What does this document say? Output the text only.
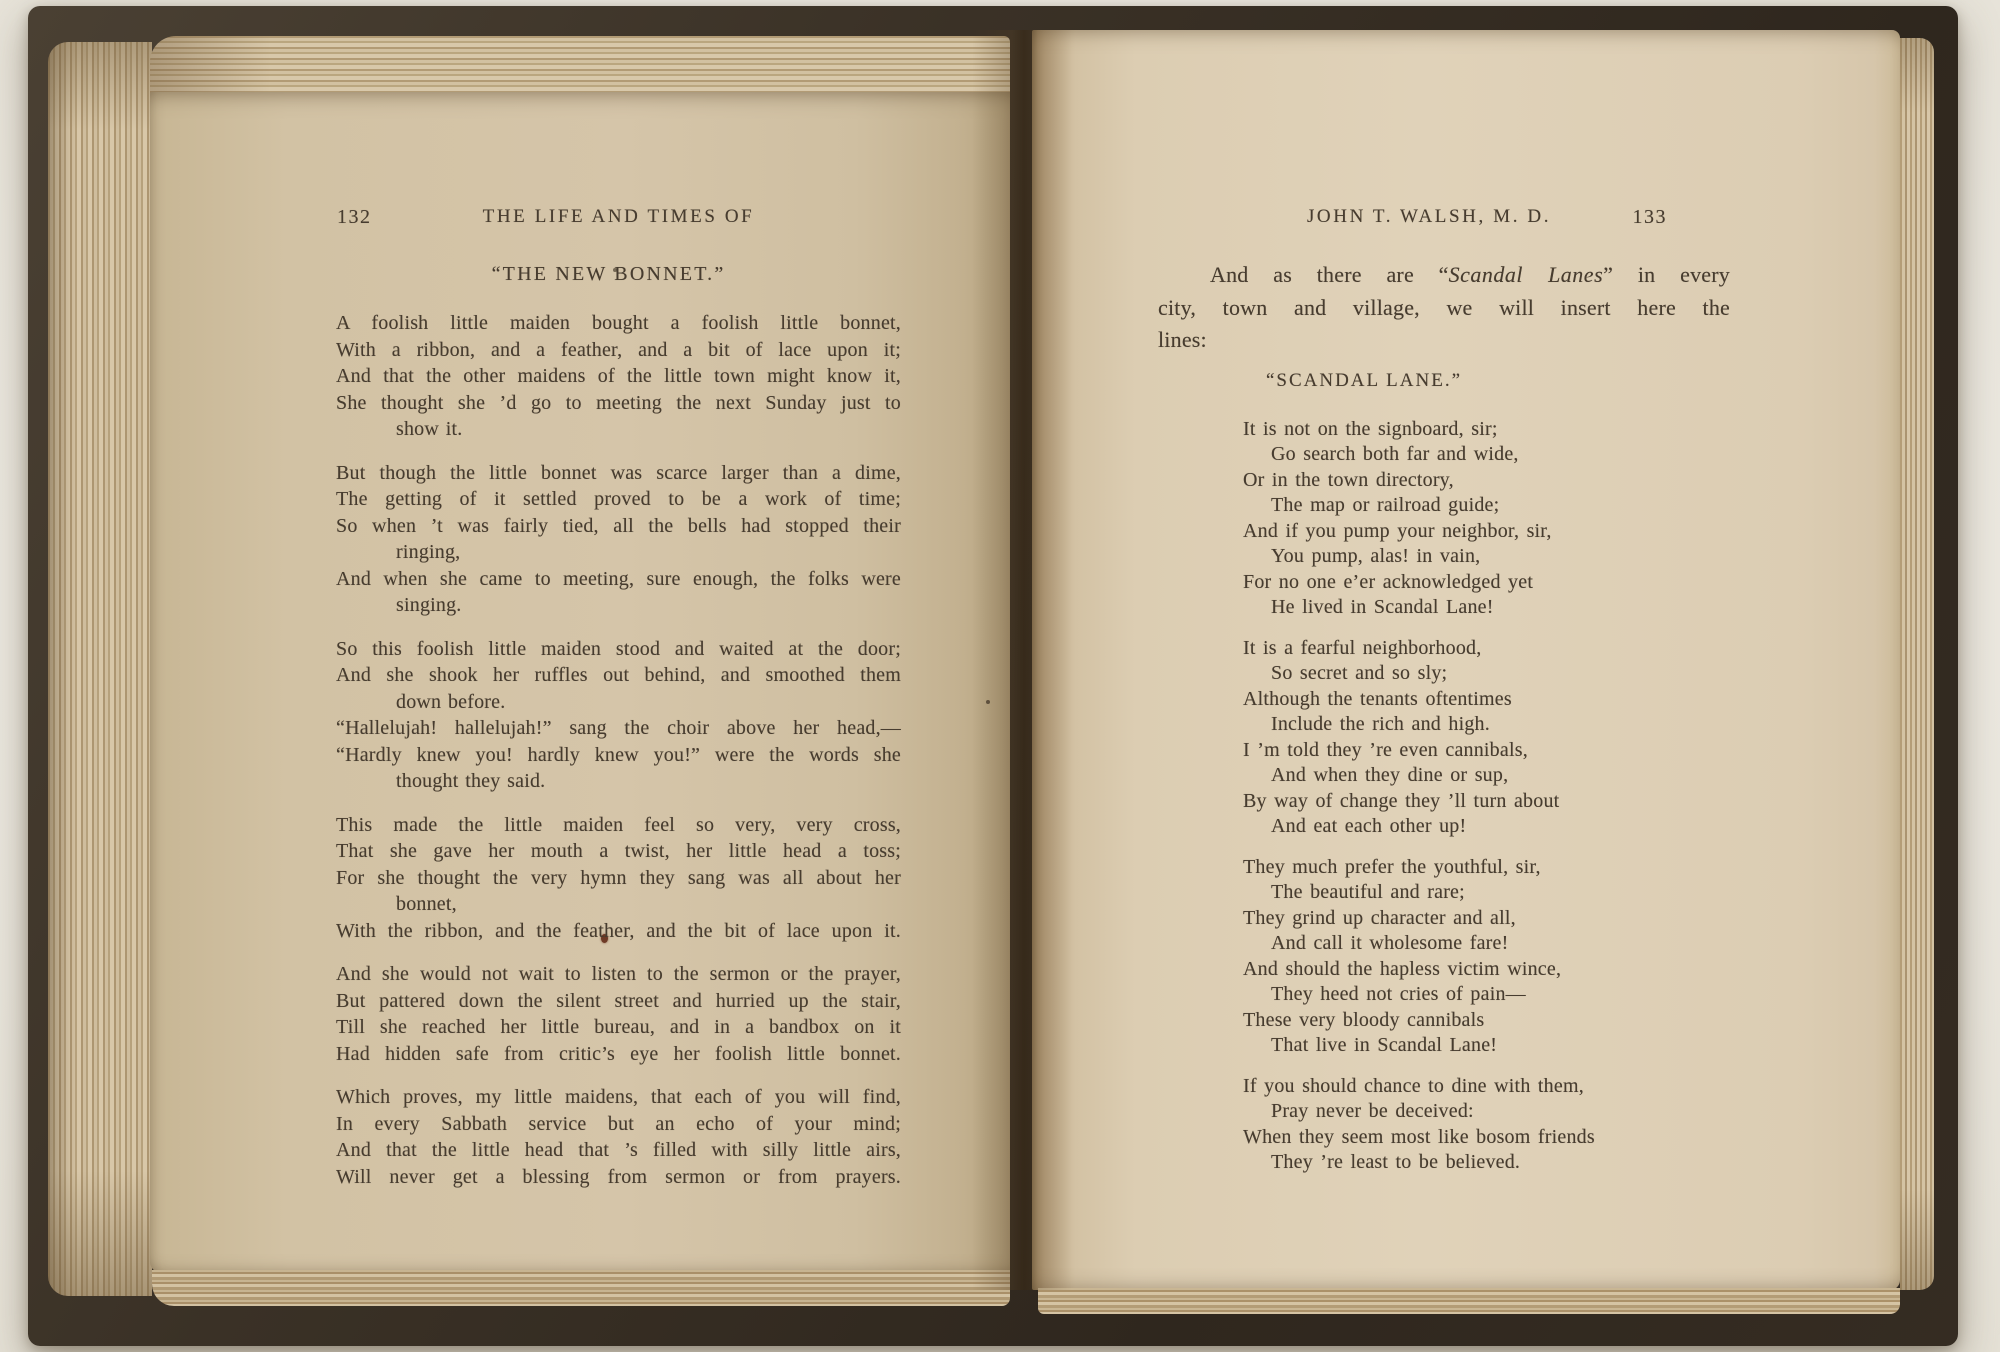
132	THE LIFE AND TIMES OF
“THE NEW BONNET.”
A foolish little maiden bought a foolish little bonnet,
With a ribbon, and a feather, and a bit of lace upon it;
And that the other maidens of the little town might know it,
She thought she ’d go to meeting the next Sunday just to
show it.
But though the little bonnet was scarce larger than a dime,
The getting of it settled proved to be a work of time;
So when ’t was fairly tied, all the bells had stopped their
ringing,
And when she came to meeting, sure enough, the folks were
singing.
So this foolish little maiden stood and waited at the door;
And she shook her ruffles out behind, and smoothed them
down before.
“Hallelujah! hallelujah!” sang the choir above her head,—
“Hardly knew you! hardly knew you!” were the words she
thought they said.
This made the little maiden feel so very, very cross,
That she gave her mouth a twist, her little head a toss;
For she thought the very hymn they sang was all about her
bonnet,
With the ribbon, and the feather, and the bit of lace upon it.
And she would not wait to listen to the sermon or the prayer,
But pattered down the silent street and hurried up the stair,
Till she reached her little bureau, and in a bandbox on it
Had hidden safe from critic’s eye her foolish little bonnet.
Which proves, my little maidens, that each of you will find,
In every Sabbath service but an echo of your mind;
And that the little head that ’s filled with silly little airs,
Will never get a blessing from sermon or from prayers.
JOHN T. WALSH, M. D.	133
And as there are “Scandal Lanes” in every
city, town and village, we will insert here the
lines:
“SCANDAL LANE.”
It is not on the signboard, sir;
Go search both far and wide,
Or in the town directory,
The map or railroad guide;
And if you pump your neighbor, sir,
You pump, alas! in vain,
For no one e’er acknowledged yet
He lived in Scandal Lane!
It is a fearful neighborhood,
So secret and so sly;
Although the tenants oftentimes
Include the rich and high.
I ’m told they ’re even cannibals,
And when they dine or sup,
By way of change they ’ll turn about
And eat each other up!
They much prefer the youthful, sir,
The beautiful and rare;
They grind up character and all,
And call it wholesome fare!
And should the hapless victim wince,
They heed not cries of pain—
These very bloody cannibals
That live in Scandal Lane!
If you should chance to dine with them,
Pray never be deceived:
When they seem most like bosom friends
They ’re least to be believed.
